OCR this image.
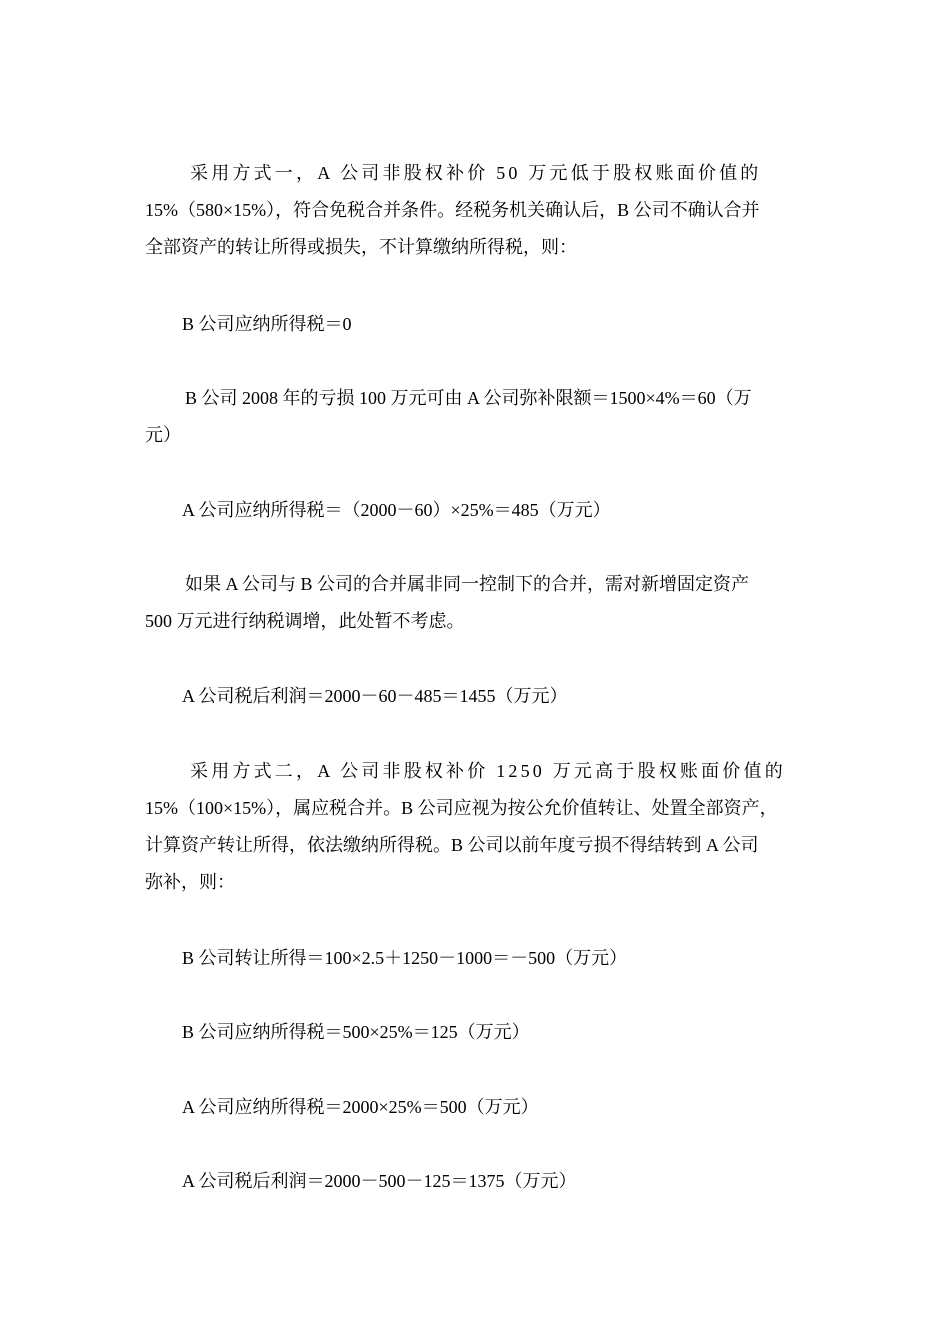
采用方式一，A 公司非股权补价 50 万元低于股权账面价值的
15%（580×15%），符合免税合并条件。经税务机关确认后，B 公司不确认合并
全部资产的转让所得或损失，不计算缴纳所得税，则：
B 公司应纳所得税＝0
B 公司 2008 年的亏损 100 万元可由 A 公司弥补限额＝1500×4%＝60（万
元）
A 公司应纳所得税＝（2000－60）×25%＝485（万元）
如果 A 公司与 B 公司的合并属非同一控制下的合并，需对新增固定资产
500 万元进行纳税调增，此处暂不考虑。
A 公司税后利润＝2000－60－485＝1455（万元）
采用方式二，A 公司非股权补价 1250 万元高于股权账面价值的
15%（100×15%），属应税合并。B 公司应视为按公允价值转让、处置全部资产，
计算资产转让所得，依法缴纳所得税。B 公司以前年度亏损不得结转到 A 公司
弥补，则：
B 公司转让所得＝100×2.5＋1250－1000＝－500（万元）
B 公司应纳所得税＝500×25%＝125（万元）
A 公司应纳所得税＝2000×25%＝500（万元）
A 公司税后利润＝2000－500－125＝1375（万元）
